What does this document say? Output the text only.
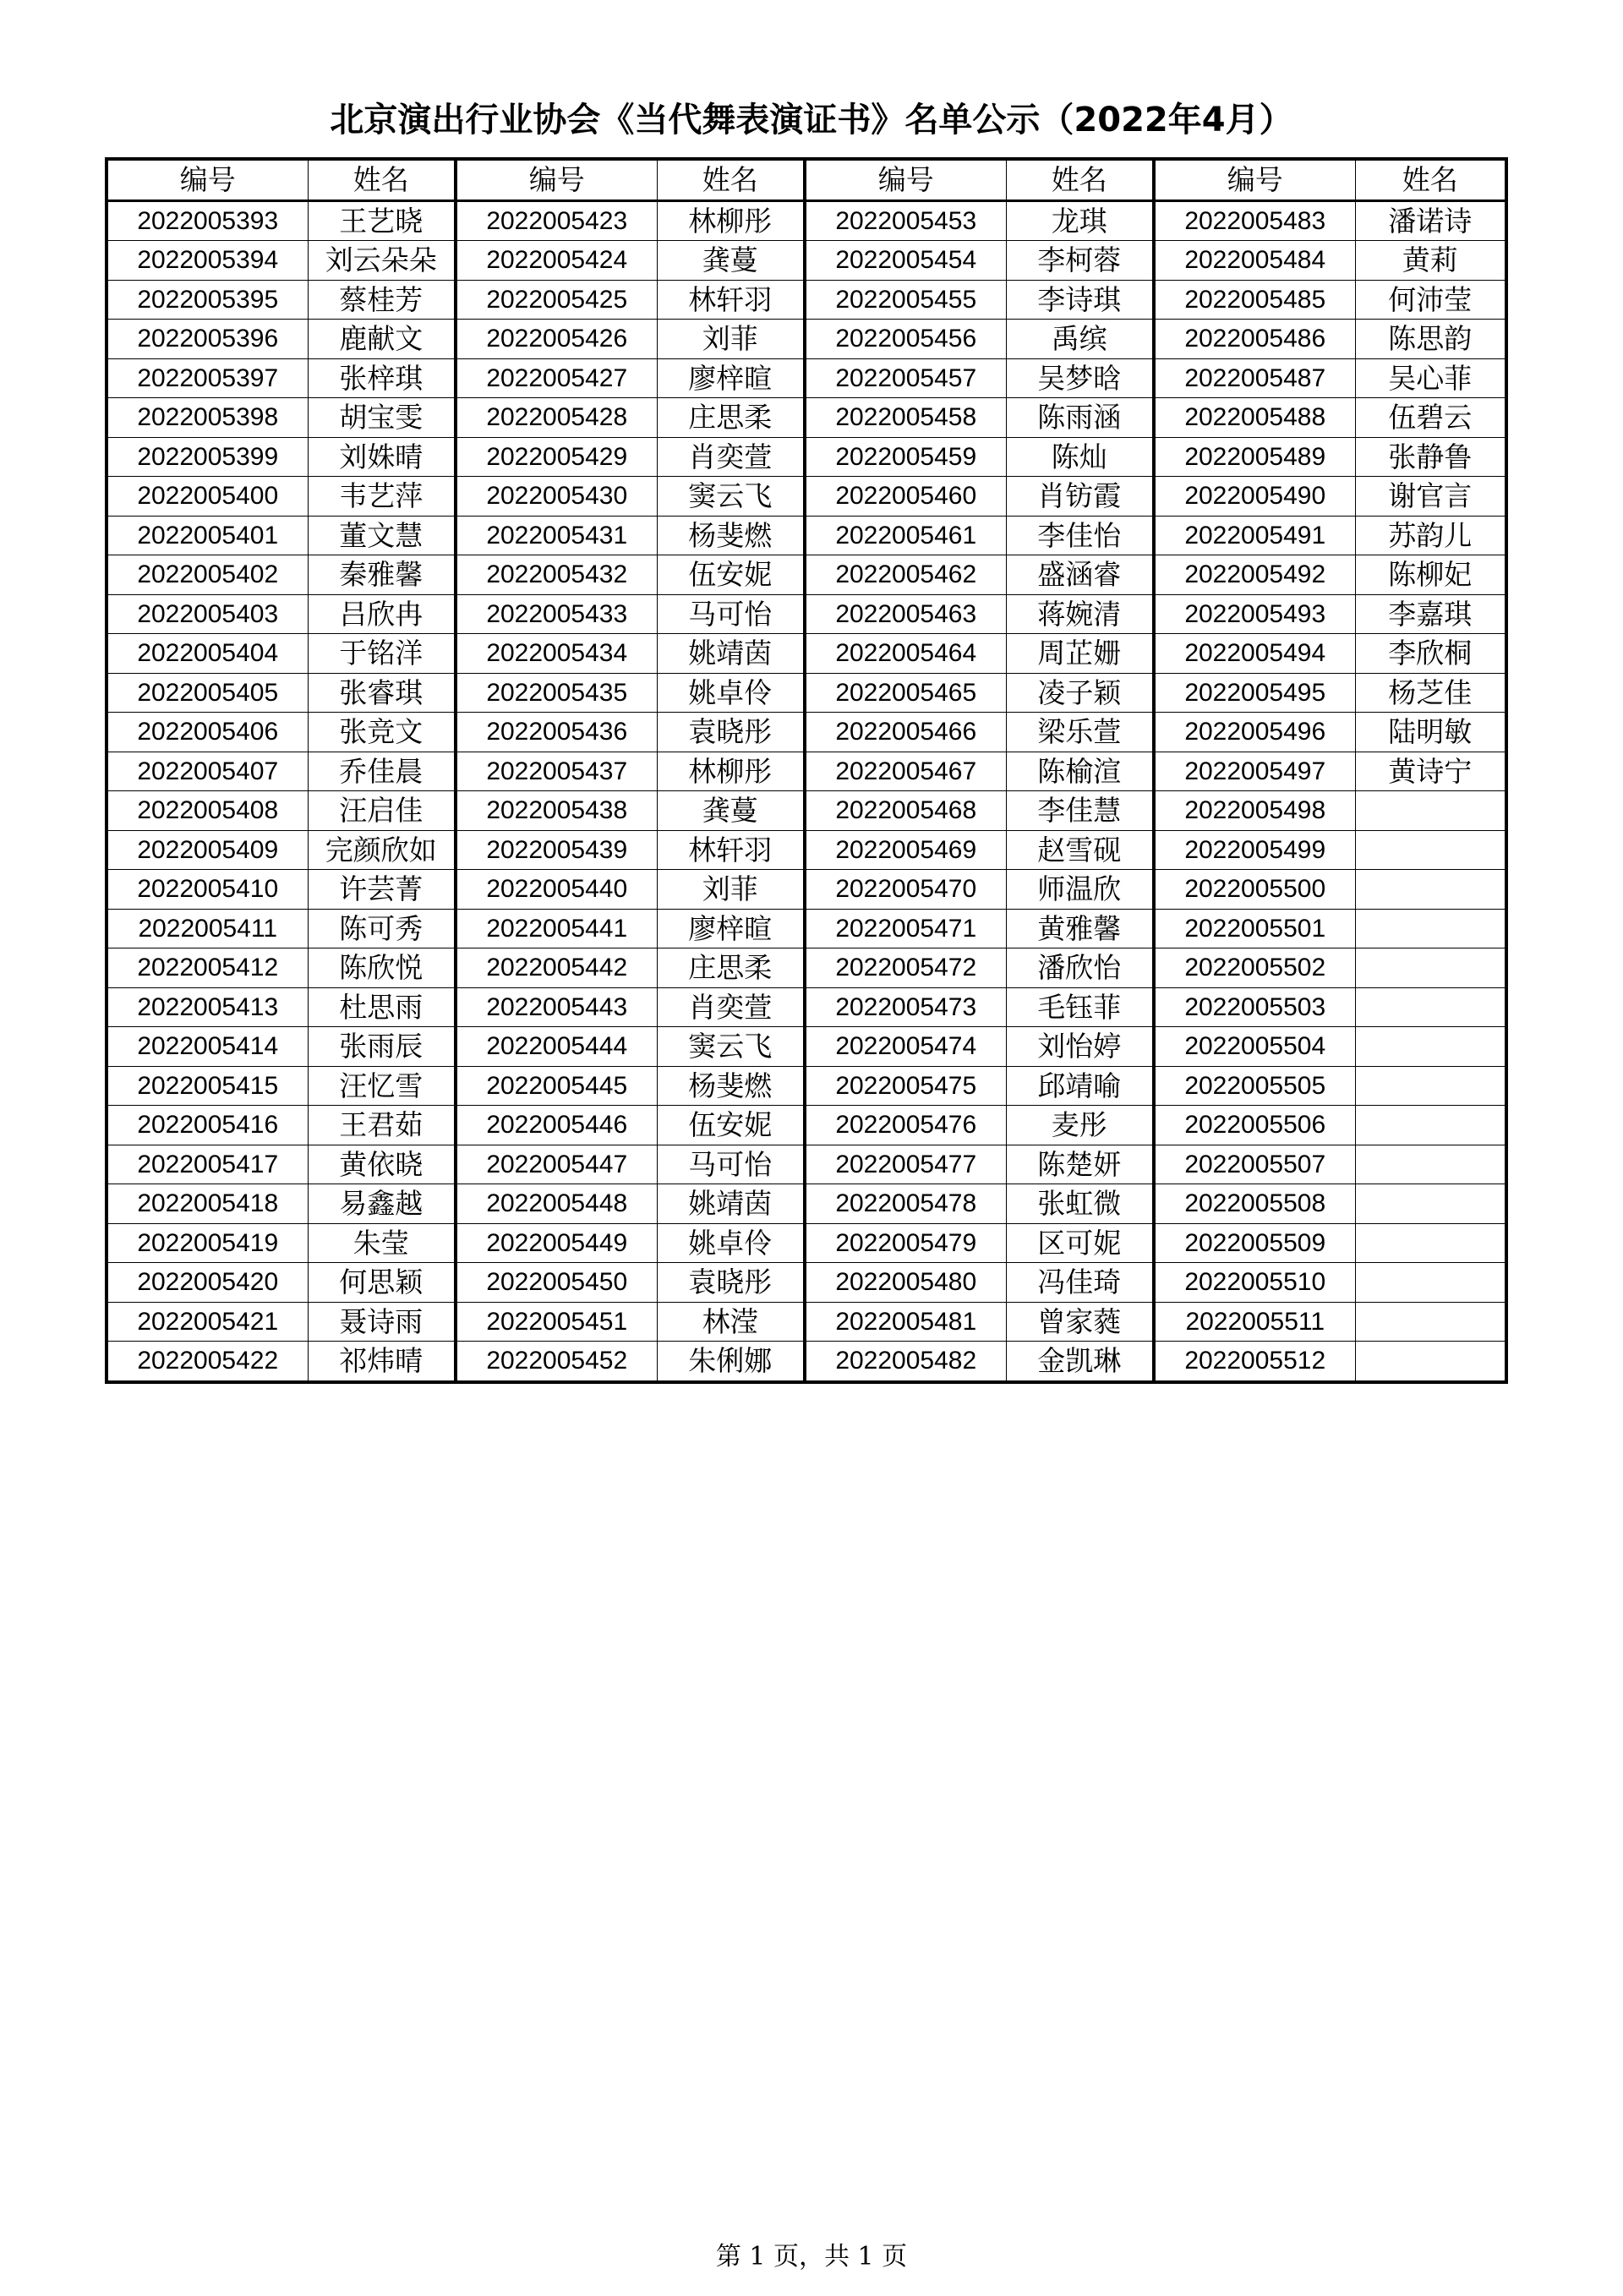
北京演出行业协会《当代舞表演证书》名单公示（2022年4月）
编号	姓名	编号	姓名	编号	姓名	编号	姓名
2022005393	王艺晓	2022005423	林柳彤	2022005453	龙琪	2022005483	潘诺诗
2022005394	刘云朵朵	2022005424	龚蔓	2022005454	李柯蓉	2022005484	黄莉
2022005395	蔡桂芳	2022005425	林轩羽	2022005455	李诗琪	2022005485	何沛莹
2022005396	鹿献文	2022005426	刘菲	2022005456	禹缤	2022005486	陈思韵
2022005397	张梓琪	2022005427	廖梓暄	2022005457	吴梦晗	2022005487	吴心菲
2022005398	胡宝雯	2022005428	庄思柔	2022005458	陈雨涵	2022005488	伍碧云
2022005399	刘姝晴	2022005429	肖奕萱	2022005459	陈灿	2022005489	张静鲁
2022005400	韦艺萍	2022005430	窦云飞	2022005460	肖钫霞	2022005490	谢官言
2022005401	董文慧	2022005431	杨斐燃	2022005461	李佳怡	2022005491	苏韵儿
2022005402	秦雅馨	2022005432	伍安妮	2022005462	盛涵睿	2022005492	陈柳妃
2022005403	吕欣冉	2022005433	马可怡	2022005463	蒋婉清	2022005493	李嘉琪
2022005404	于铭洋	2022005434	姚靖茵	2022005464	周芷姗	2022005494	李欣桐
2022005405	张睿琪	2022005435	姚卓伶	2022005465	凌子颖	2022005495	杨芝佳
2022005406	张竞文	2022005436	袁晓彤	2022005466	梁乐萱	2022005496	陆明敏
2022005407	乔佳晨	2022005437	林柳彤	2022005467	陈榆渲	2022005497	黄诗宁
2022005408	汪启佳	2022005438	龚蔓	2022005468	李佳慧	2022005498	
2022005409	完颜欣如	2022005439	林轩羽	2022005469	赵雪砚	2022005499	
2022005410	许芸菁	2022005440	刘菲	2022005470	师温欣	2022005500	
2022005411	陈可秀	2022005441	廖梓暄	2022005471	黄雅馨	2022005501	
2022005412	陈欣悦	2022005442	庄思柔	2022005472	潘欣怡	2022005502	
2022005413	杜思雨	2022005443	肖奕萱	2022005473	毛钰菲	2022005503	
2022005414	张雨辰	2022005444	窦云飞	2022005474	刘怡婷	2022005504	
2022005415	汪忆雪	2022005445	杨斐燃	2022005475	邱靖喻	2022005505	
2022005416	王君茹	2022005446	伍安妮	2022005476	麦彤	2022005506	
2022005417	黄依晓	2022005447	马可怡	2022005477	陈楚妍	2022005507	
2022005418	易鑫越	2022005448	姚靖茵	2022005478	张虹微	2022005508	
2022005419	朱莹	2022005449	姚卓伶	2022005479	区可妮	2022005509	
2022005420	何思颖	2022005450	袁晓彤	2022005480	冯佳琦	2022005510	
2022005421	聂诗雨	2022005451	林滢	2022005481	曾家蕤	2022005511	
2022005422	祁炜晴	2022005452	朱俐娜	2022005482	金凯琳	2022005512	
第 1 页，共 1 页
